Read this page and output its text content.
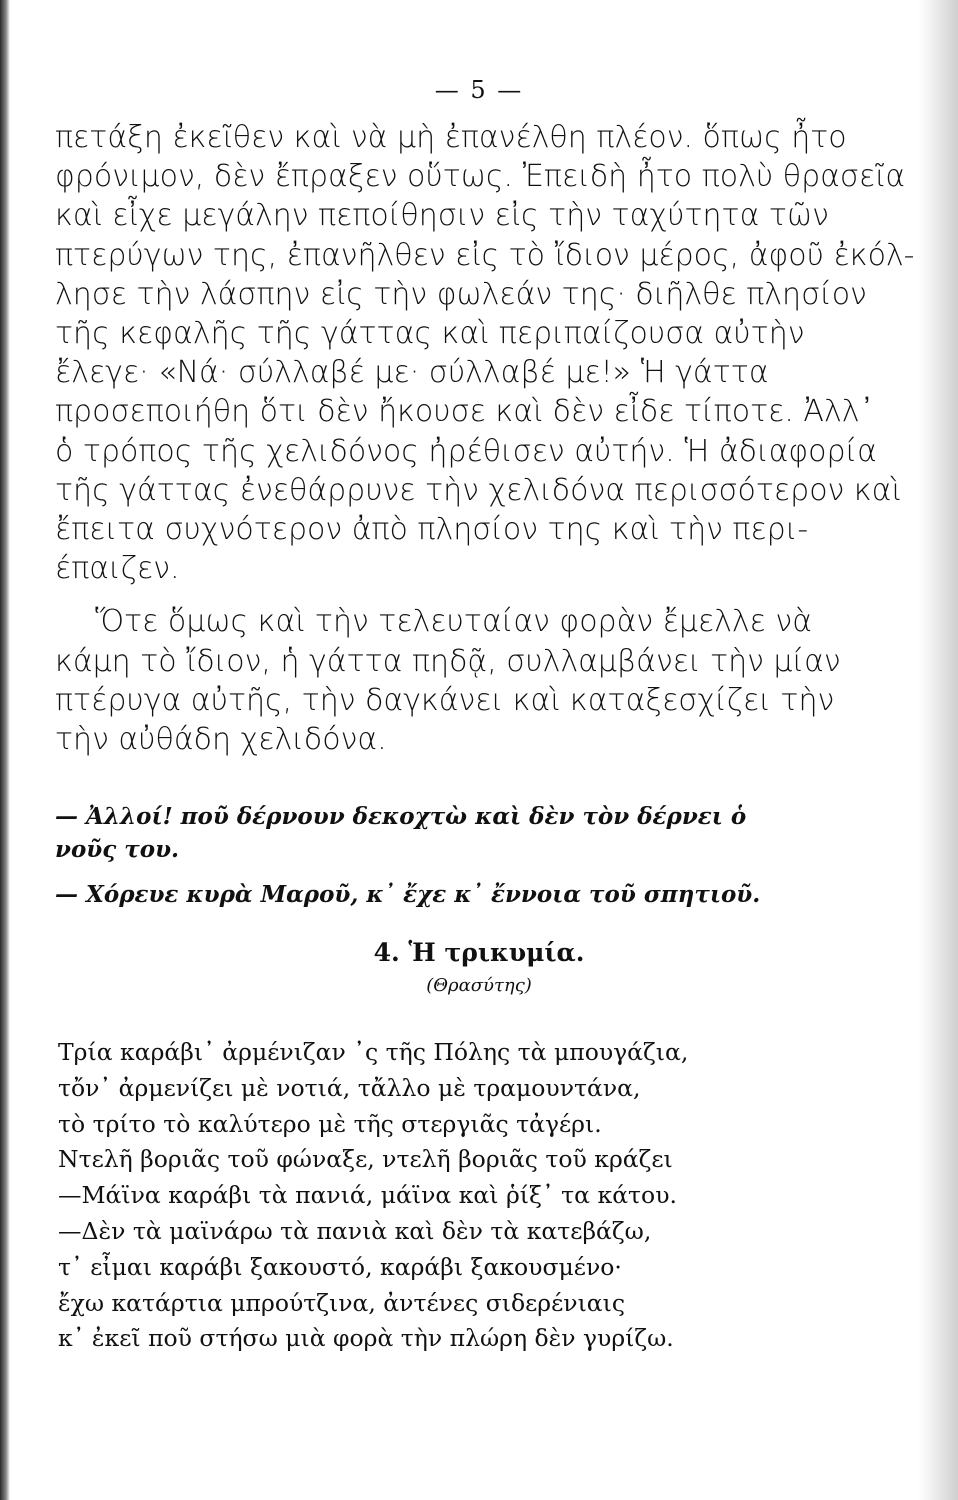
— 5 —

πετάξη ἐκεῖθεν καὶ νὰ μὴ ἐπανέλθη πλέον. ὅπως ἦτο

φρόνιμον, δὲν ἔπραξεν οὕτως. Ἐπειδὴ ἦτο πολὺ θρασεῖα

καὶ εἶχε μεγάλην πεποίθησιν εἰς τὴν ταχύτητα τῶν

πτερύγων της, ἐπανῆλθεν εἰς τὸ ἴδιον μέρος, ἀφοῦ ἐκόλ-

λησε τὴν λάσπην εἰς τὴν φωλεάν της· διῆλθε πλησίον

τῆς κεφαλῆς τῆς γάττας καὶ περιπαίζουσα αὐτὴν

ἔλεγε· «Νά· σύλλαβέ με· σύλλαβέ με!» Ἡ γάττα

προσεποιήθη ὅτι δὲν ἤκουσε καὶ δὲν εἶδε τίποτε. Ἀλλ᾽

ὁ τρόπος τῆς χελιδόνος ἠρέθισεν αὐτήν. Ἡ ἀδιαφορία

τῆς γάττας ἐνεθάρρυνε τὴν χελιδόνα περισσότερον καὶ

ἔπειτα συχνότερον ἀπὸ πλησίον της καὶ τὴν περι-

έπαιζεν.

Ὅτε ὅμως καὶ τὴν τελευταίαν φορὰν ἔμελλε νὰ

κάμη τὸ ἴδιον, ἡ γάττα πηδᾷ, συλλαμβάνει τὴν μίαν

πτέρυγα αὐτῆς, τὴν δαγκάνει καὶ καταξεσχίζει τὴν

τὴν αὐθάδη χελιδόνα.

— Ἀλλοί! ποῦ δέρνουν δεκοχτὼ καὶ δὲν τὸν δέρνει ὁ

νοῦς του.

— Χόρευε κυρὰ Μαροῦ, κ᾽ ἔχε κ᾽ ἔννοια τοῦ σπητιοῦ.

4. Ἡ τρικυμία.
(Θρασύτης)

Τρία καράβι᾽ ἀρμένιζαν ᾽ς τῆς Πόλης τὰ μπουγάζια,

τὄν᾽ ἀρμενίζει μὲ νοτιά, τἄλλο μὲ τραμουντάνα,

τὸ τρίτο τὸ καλύτερο μὲ τῆς στεργιᾶς τἀγέρι.

Ντελῆ βοριᾶς τοῦ φώναξε, ντελῆ βοριᾶς τοῦ κράζει

—Μάϊνα καράβι τὰ πανιά, μάϊνα καὶ ῥίξ᾽ τα κάτου.

—Δὲν τὰ μαϊνάρω τὰ πανιὰ καὶ δὲν τὰ κατεβάζω,

τ᾽ εἶμαι καράβι ξακουστό, καράβι ξακουσμένο·

ἔχω κατάρτια μπρούτζινα, ἀντένες σιδερένιαις

κ᾽ ἐκεῖ ποῦ στήσω μιὰ φορὰ τὴν πλώρη δὲν γυρίζω.
